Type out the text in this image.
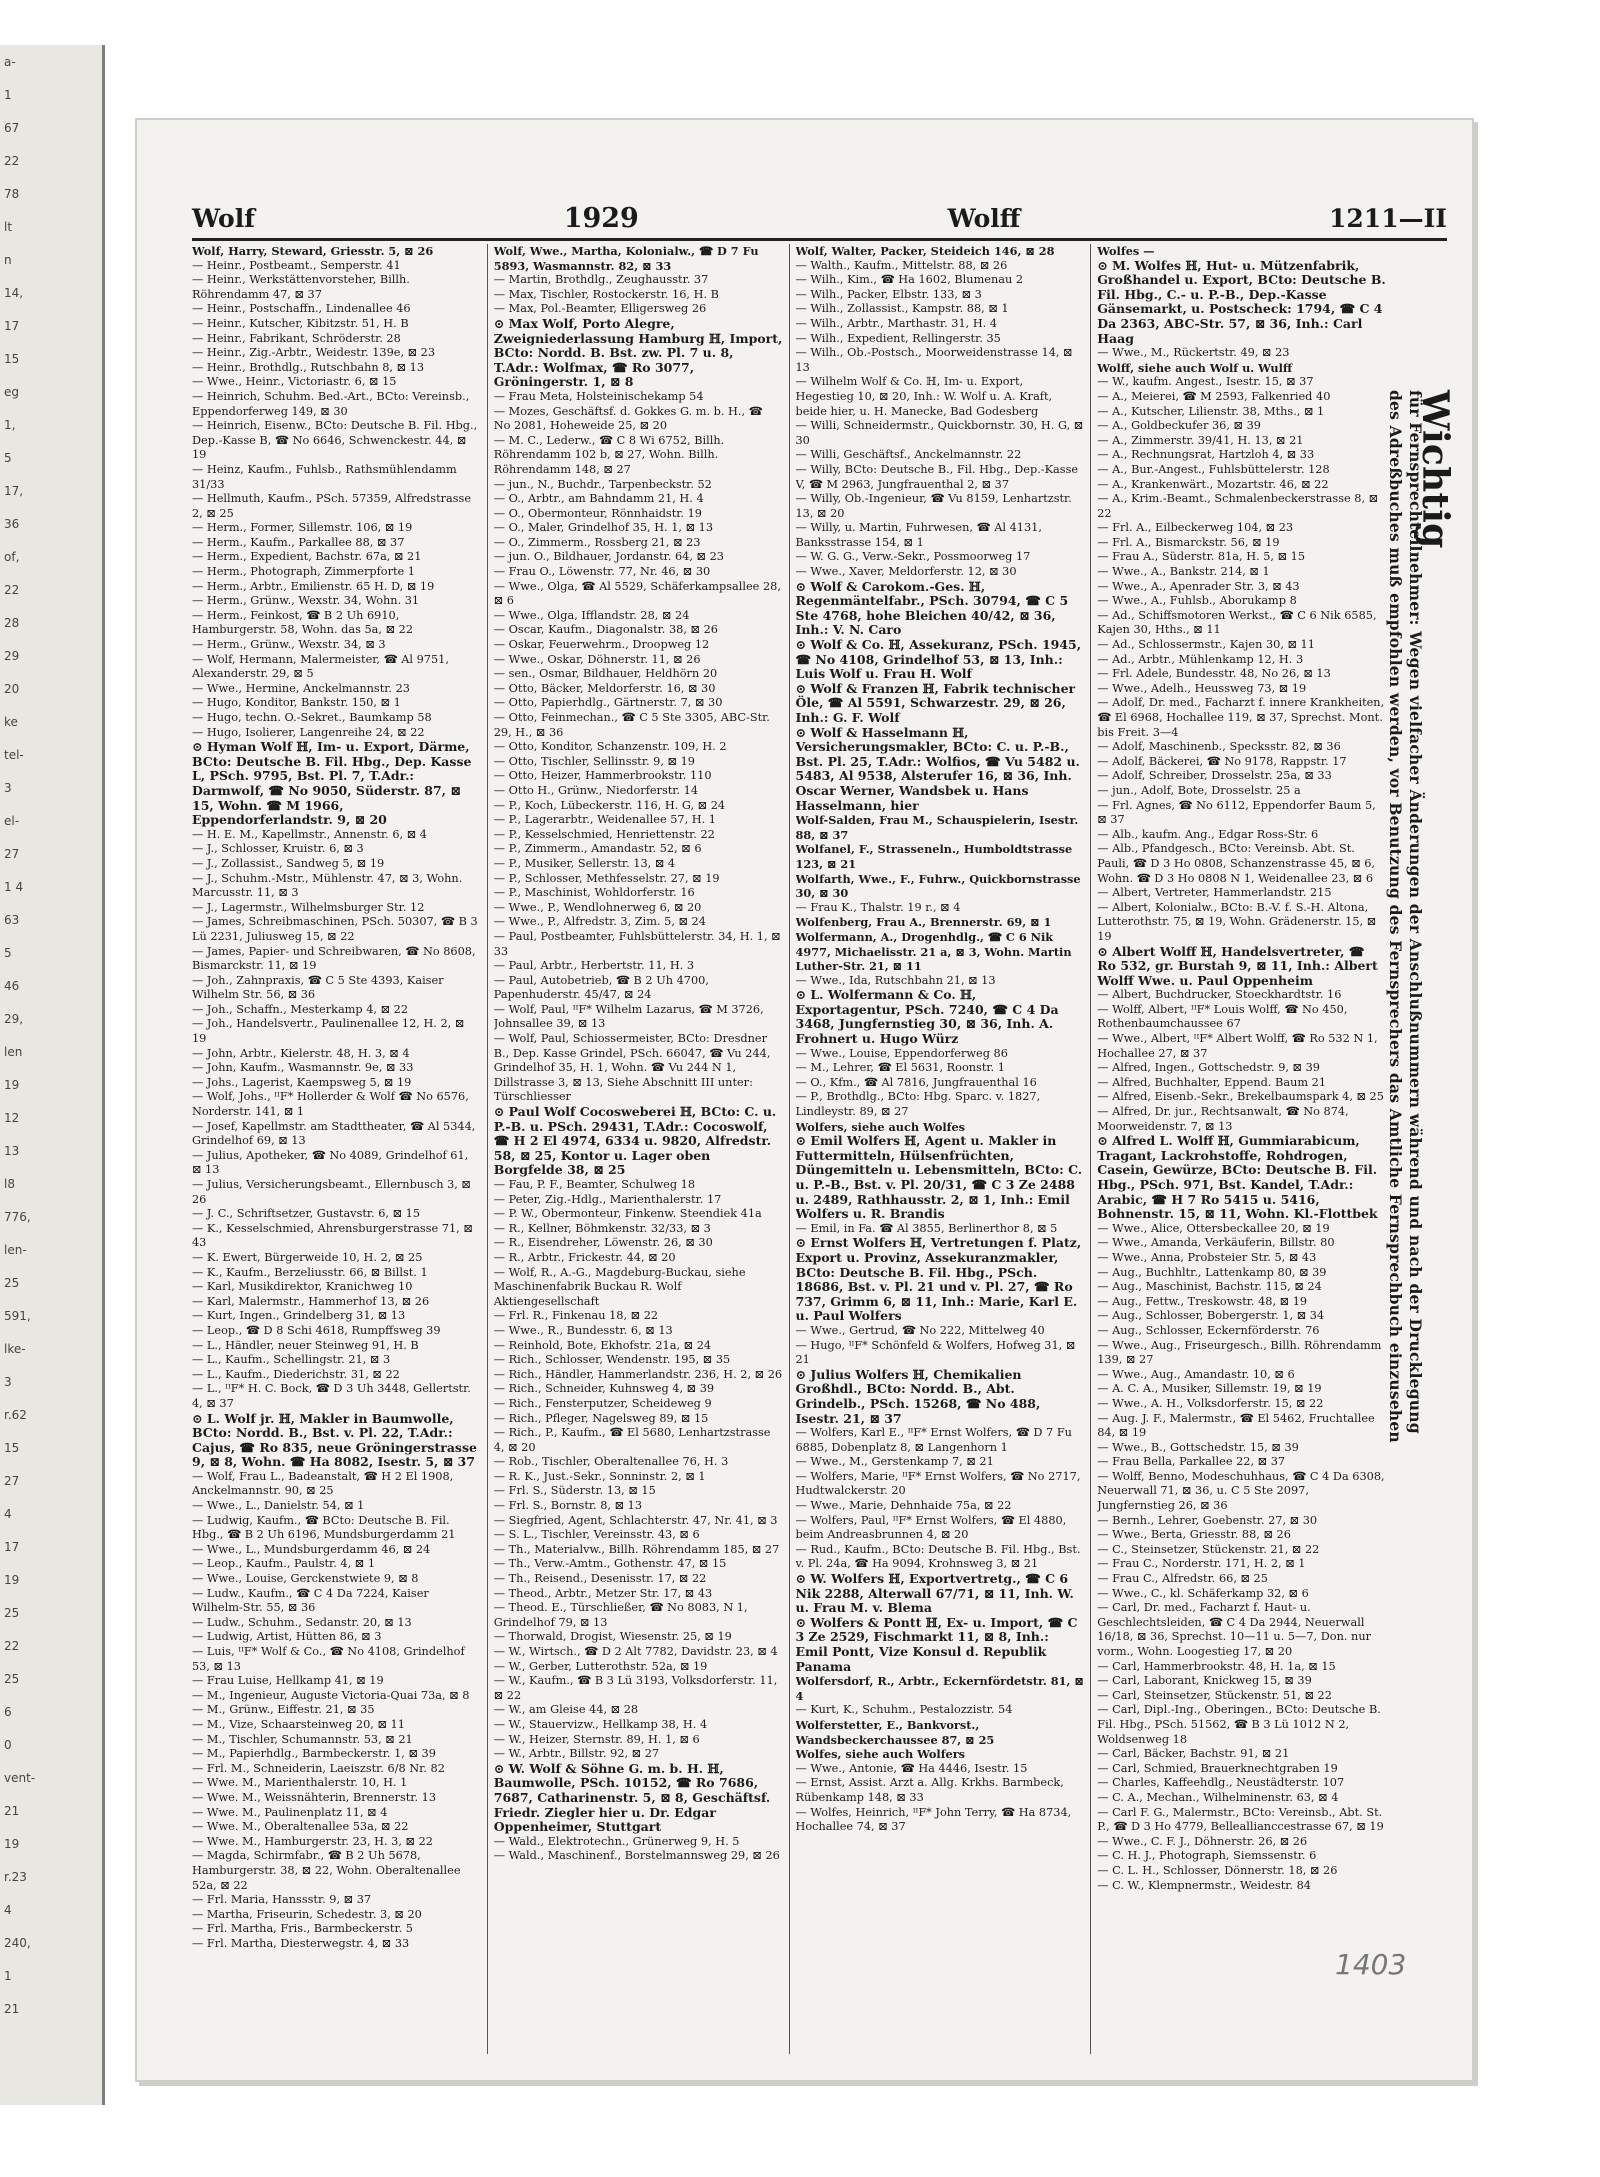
a-
1
67
22
78
lt
n
14,
17
15
eg
1,
5
17,
36
of,
22
28
29
20
ke
tel-
3
el-
27
1 4
63
5
46
29,
len
19
12
13
l8
776,
len-
25
591,
lke-
3
r.62
15
27
4
17
19
25
22
25
6
0
vent-
21
19
r.23
4
240,
1
21
Wolf	1929	Wolff	1211—II

Wolf, Harry, Steward, Griesstr. 5, ⊠ 26

— Heinr., Postbeamt., Semperstr. 41

— Heinr., Werkstättenvorsteher, Billh. Röhrendamm 47, ⊠ 37

— Heinr., Postschaffn., Lindenallee 46

— Heinr., Kutscher, Kibitzstr. 51, H. B

— Heinr., Fabrikant, Schröderstr. 28

— Heinr., Zig.-Arbtr., Weidestr. 139e, ⊠ 23

— Heinr., Brothdlg., Rutschbahn 8, ⊠ 13

— Wwe., Heinr., Victoriastr. 6, ⊠ 15

— Heinrich, Schuhm. Bed.-Art., BCto: Vereinsb., Eppendorferweg 149, ⊠ 30

— Heinrich, Eisenw., BCto: Deutsche B. Fil. Hbg., Dep.-Kasse B, ☎ No 6646, Schwenckestr. 44, ⊠ 19

— Heinz, Kaufm., Fuhlsb., Rathsmühlendamm 31/33

— Hellmuth, Kaufm., PSch. 57359, Alfredstrasse 2, ⊠ 25

— Herm., Former, Sillemstr. 106, ⊠ 19

— Herm., Kaufm., Parkallee 88, ⊠ 37

— Herm., Expedient, Bachstr. 67a, ⊠ 21

— Herm., Photograph, Zimmerpforte 1

— Herm., Arbtr., Emilienstr. 65 H. D, ⊠ 19

— Herm., Grünw., Wexstr. 34, Wohn. 31

— Herm., Feinkost, ☎ B 2 Uh 6910, Hamburgerstr. 58, Wohn. das 5a, ⊠ 22

— Herm., Grünw., Wexstr. 34, ⊠ 3

— Wolf, Hermann, Malermeister, ☎ Al 9751, Alexanderstr. 29, ⊠ 5

— Wwe., Hermine, Anckelmannstr. 23

— Hugo, Konditor, Bankstr. 150, ⊠ 1

— Hugo, techn. O.-Sekret., Baumkamp 58

— Hugo, Isolierer, Langenreihe 24, ⊠ 22

⊙ Hyman Wolf ℍ, Im- u. Export, Därme, BCto: Deutsche B. Fil. Hbg., Dep. Kasse L, PSch. 9795, Bst. Pl. 7, T.Adr.: Darmwolf, ☎ No 9050, Süderstr. 87, ⊠ 15, Wohn. ☎ M 1966, Eppendorferlandstr. 9, ⊠ 20

— H. E. M., Kapellmstr., Annenstr. 6, ⊠ 4

— J., Schlosser, Kruistr. 6, ⊠ 3

— J., Zollassist., Sandweg 5, ⊠ 19

— J., Schuhm.-Mstr., Mühlenstr. 47, ⊠ 3, Wohn. Marcusstr. 11, ⊠ 3

— J., Lagermstr., Wilhelmsburger Str. 12

— James, Schreibmaschinen, PSch. 50307, ☎ B 3 Lü 2231, Juliusweg 15, ⊠ 22

— James, Papier- und Schreibwaren, ☎ No 8608, Bismarckstr. 11, ⊠ 19

— Joh., Zahnpraxis, ☎ C 5 Ste 4393, Kaiser Wilhelm Str. 56, ⊠ 36

— Joh., Schaffn., Mesterkamp 4, ⊠ 22

— Joh., Handelsvertr., Paulinenallee 12, H. 2, ⊠ 19

— John, Arbtr., Kielerstr. 48, H. 3, ⊠ 4

— John, Kaufm., Wasmannstr. 9e, ⊠ 33

— Johs., Lagerist, Kaempsweg 5, ⊠ 19

— Wolf, Johs., ᴵᴵF* Hollerder & Wolf ☎ No 6576, Norderstr. 141, ⊠ 1

— Josef, Kapellmstr. am Stadttheater, ☎ Al 5344, Grindelhof 69, ⊠ 13

— Julius, Apotheker, ☎ No 4089, Grindelhof 61, ⊠ 13

— Julius, Versicherungsbeamt., Ellernbusch 3, ⊠ 26

— J. C., Schriftsetzer, Gustavstr. 6, ⊠ 15

— K., Kesselschmied, Ahrensburgerstrasse 71, ⊠ 43

— K. Ewert, Bürgerweide 10, H. 2, ⊠ 25

— K., Kaufm., Berzeliusstr. 66, ⊠ Billst. 1

— Karl, Musikdirektor, Kranichweg 10

— Karl, Malermstr., Hammerhof 13, ⊠ 26

— Kurt, Ingen., Grindelberg 31, ⊠ 13

— Leop., ☎ D 8 Schi 4618, Rumpffsweg 39

— L., Händler, neuer Steinweg 91, H. B

— L., Kaufm., Schellingstr. 21, ⊠ 3

— L., Kaufm., Diederichstr. 31, ⊠ 22

— L., ᴵᴵF* H. C. Bock, ☎ D 3 Uh 3448, Gellertstr. 4, ⊠ 37

⊙ L. Wolf jr. ℍ, Makler in Baumwolle, BCto: Nordd. B., Bst. v. Pl. 22, T.Adr.: Cajus, ☎ Ro 835, neue Gröningerstrasse 9, ⊠ 8, Wohn. ☎ Ha 8082, Isestr. 5, ⊠ 37

— Wolf, Frau L., Badeanstalt, ☎ H 2 El 1908, Anckelmannstr. 90, ⊠ 25

— Wwe., L., Danielstr. 54, ⊠ 1

— Ludwig, Kaufm., ☎ BCto: Deutsche B. Fil. Hbg., ☎ B 2 Uh 6196, Mundsburgerdamm 21

— Wwe., L., Mundsburgerdamm 46, ⊠ 24

— Leop., Kaufm., Paulstr. 4, ⊠ 1

— Wwe., Louise, Gerckenstwiete 9, ⊠ 8

— Ludw., Kaufm., ☎ C 4 Da 7224, Kaiser Wilhelm-Str. 55, ⊠ 36

— Ludw., Schuhm., Sedanstr. 20, ⊠ 13

— Ludwig, Artist, Hütten 86, ⊠ 3

— Luis, ᴵᴵF* Wolf & Co., ☎ No 4108, Grindelhof 53, ⊠ 13

— Frau Luise, Hellkamp 41, ⊠ 19

— M., Ingenieur, Auguste Victoria-Quai 73a, ⊠ 8

— M., Grünw., Eiffestr. 21, ⊠ 35

— M., Vize, Schaarsteinweg 20, ⊠ 11

— M., Tischler, Schumannstr. 53, ⊠ 21

— M., Papierhdlg., Barmbeckerstr. 1, ⊠ 39

— Frl. M., Schneiderin, Laeiszstr. 6/8 Nr. 82

— Wwe. M., Marienthalerstr. 10, H. 1

— Wwe. M., Weissnähterin, Brennerstr. 13

— Wwe. M., Paulinenplatz 11, ⊠ 4

— Wwe. M., Oberaltenallee 53a, ⊠ 22

— Wwe. M., Hamburgerstr. 23, H. 3, ⊠ 22

— Magda, Schirmfabr., ☎ B 2 Uh 5678, Hamburgerstr. 38, ⊠ 22, Wohn. Oberaltenallee 52a, ⊠ 22

— Frl. Maria, Hanssstr. 9, ⊠ 37

— Martha, Friseurin, Schedestr. 3, ⊠ 20

— Frl. Martha, Fris., Barmbeckerstr. 5

— Frl. Martha, Diesterwegstr. 4, ⊠ 33

Wolf, Wwe., Martha, Kolonialw., ☎ D 7 Fu 5893, Wasmannstr. 82, ⊠ 33

— Martin, Brothdlg., Zeughausstr. 37

— Max, Tischler, Rostockerstr. 16, H. B

— Max, Pol.-Beamter, Elligersweg 26

⊙ Max Wolf, Porto Alegre, Zweigniederlassung Hamburg ℍ, Import, BCto: Nordd. B. Bst. zw. Pl. 7 u. 8, T.Adr.: Wolfmax, ☎ Ro 3077, Gröningerstr. 1, ⊠ 8

— Frau Meta, Holsteinischekamp 54

— Mozes, Geschäftsf. d. Gokkes G. m. b. H., ☎ No 2081, Hoheweide 25, ⊠ 20

— M. C., Lederw., ☎ C 8 Wi 6752, Billh. Röhrendamm 102 b, ⊠ 27, Wohn. Billh. Röhrendamm 148, ⊠ 27

— jun., N., Buchdr., Tarpenbeckstr. 52

— O., Arbtr., am Bahndamm 21, H. 4

— O., Obermonteur, Rönnhaidstr. 19

— O., Maler, Grindelhof 35, H. 1, ⊠ 13

— O., Zimmerm., Rossberg 21, ⊠ 23

— jun. O., Bildhauer, Jordanstr. 64, ⊠ 23

— Frau O., Löwenstr. 77, Nr. 46, ⊠ 30

— Wwe., Olga, ☎ Al 5529, Schäferkampsallee 28, ⊠ 6

— Wwe., Olga, Ifflandstr. 28, ⊠ 24

— Oscar, Kaufm., Diagonalstr. 38, ⊠ 26

— Oskar, Feuerwehrm., Droopweg 12

— Wwe., Oskar, Döhnerstr. 11, ⊠ 26

— sen., Osmar, Bildhauer, Heldhörn 20

— Otto, Bäcker, Meldorferstr. 16, ⊠ 30

— Otto, Papierhdlg., Gärtnerstr. 7, ⊠ 30

— Otto, Feinmechan., ☎ C 5 Ste 3305, ABC-Str. 29, H., ⊠ 36

— Otto, Konditor, Schanzenstr. 109, H. 2

— Otto, Tischler, Sellinsstr. 9, ⊠ 19

— Otto, Heizer, Hammerbrookstr. 110

— Otto H., Grünw., Niedorferstr. 14

— P., Koch, Lübeckerstr. 116, H. G, ⊠ 24

— P., Lagerarbtr., Weidenallee 57, H. 1

— P., Kesselschmied, Henriettenstr. 22

— P., Zimmerm., Amandastr. 52, ⊠ 6

— P., Musiker, Sellerstr. 13, ⊠ 4

— P., Schlosser, Methfesselstr. 27, ⊠ 19

— P., Maschinist, Wohldorferstr. 16

— Wwe., P., Wendlohnerweg 6, ⊠ 20

— Wwe., P., Alfredstr. 3, Zim. 5, ⊠ 24

— Paul, Postbeamter, Fuhlsbüttelerstr. 34, H. 1, ⊠ 33

— Paul, Arbtr., Herbertstr. 11, H. 3

— Paul, Autobetrieb, ☎ B 2 Uh 4700, Papenhuderstr. 45/47, ⊠ 24

— Wolf, Paul, ᴵᴵF* Wilhelm Lazarus, ☎ M 3726, Johnsallee 39, ⊠ 13

— Wolf, Paul, Schiossermeister, BCto: Dresdner B., Dep. Kasse Grindel, PSch. 66047, ☎ Vu 244, Grindelhof 35, H. 1, Wohn. ☎ Vu 244 N 1, Dillstrasse 3, ⊠ 13, Siehe Abschnitt III unter: Türschliesser

⊙ Paul Wolf Cocosweberei ℍ, BCto: C. u. P.-B. u. PSch. 29431, T.Adr.: Cocoswolf, ☎ H 2 El 4974, 6334 u. 9820, Alfredstr. 58, ⊠ 25, Kontor u. Lager oben Borgfelde 38, ⊠ 25

— Fau, P. F., Beamter, Schulweg 18

— Peter, Zig.-Hdlg., Marienthalerstr. 17

— P. W., Obermonteur, Finkenw. Steendiek 41a

— R., Kellner, Böhmkenstr. 32/33, ⊠ 3

— R., Eisendreher, Löwenstr. 26, ⊠ 30

— R., Arbtr., Frickestr. 44, ⊠ 20

— Wolf, R., A.-G., Magdeburg-Buckau, siehe Maschinenfabrik Buckau R. Wolf Aktiengesellschaft

— Frl. R., Finkenau 18, ⊠ 22

— Wwe., R., Bundesstr. 6, ⊠ 13

— Reinhold, Bote, Ekhofstr. 21a, ⊠ 24

— Rich., Schlosser, Wendenstr. 195, ⊠ 35

— Rich., Händler, Hammerlandstr. 236, H. 2, ⊠ 26

— Rich., Schneider, Kuhnsweg 4, ⊠ 39

— Rich., Fensterputzer, Scheideweg 9

— Rich., Pfleger, Nagelsweg 89, ⊠ 15

— Rich., P., Kaufm., ☎ El 5680, Lenhartzstrasse 4, ⊠ 20

— Rob., Tischler, Oberaltenallee 76, H. 3

— R. K., Just.-Sekr., Sonninstr. 2, ⊠ 1

— Frl. S., Süderstr. 13, ⊠ 15

— Frl. S., Bornstr. 8, ⊠ 13

— Siegfried, Agent, Schlachterstr. 47, Nr. 41, ⊠ 3

— S. L., Tischler, Vereinsstr. 43, ⊠ 6

— Th., Materialvw., Billh. Röhrendamm 185, ⊠ 27

— Th., Verw.-Amtm., Gothenstr. 47, ⊠ 15

— Th., Reisend., Desenisstr. 17, ⊠ 22

— Theod., Arbtr., Metzer Str. 17, ⊠ 43

— Theod. E., Türschließer, ☎ No 8083, N 1, Grindelhof 79, ⊠ 13

— Thorwald, Drogist, Wiesenstr. 25, ⊠ 19

— W., Wirtsch., ☎ D 2 Alt 7782, Davidstr. 23, ⊠ 4

— W., Gerber, Lutterothstr. 52a, ⊠ 19

— W., Kaufm., ☎ B 3 Lü 3193, Volksdorferstr. 11, ⊠ 22

— W., am Gleise 44, ⊠ 28

— W., Stauervizw., Hellkamp 38, H. 4

— W., Heizer, Sternstr. 89, H. 1, ⊠ 6

— W., Arbtr., Billstr. 92, ⊠ 27

⊙ W. Wolf & Söhne G. m. b. H. ℍ, Baumwolle, PSch. 10152, ☎ Ro 7686, 7687, Catharinenstr. 5, ⊠ 8, Geschäftsf. Friedr. Ziegler hier u. Dr. Edgar Oppenheimer, Stuttgart

— Wald., Elektrotechn., Grünerweg 9, H. 5

— Wald., Maschinenf., Borstelmannsweg 29, ⊠ 26

Wolf, Walter, Packer, Steideich 146, ⊠ 28

— Walth., Kaufm., Mittelstr. 88, ⊠ 26

— Wilh., Kim., ☎ Ha 1602, Blumenau 2

— Wilh., Packer, Elbstr. 133, ⊠ 3

— Wilh., Zollassist., Kampstr. 88, ⊠ 1

— Wilh., Arbtr., Marthastr. 31, H. 4

— Wilh., Expedient, Rellingerstr. 35

— Wilh., Ob.-Postsch., Moorweidenstrasse 14, ⊠ 13

— Wilhelm Wolf & Co. ℍ, Im- u. Export, Hegestieg 10, ⊠ 20, Inh.: W. Wolf u. A. Kraft, beide hier, u. H. Manecke, Bad Godesberg

— Willi, Schneidermstr., Quickbornstr. 30, H. G, ⊠ 30

— Willi, Geschäftsf., Anckelmannstr. 22

— Willy, BCto: Deutsche B., Fil. Hbg., Dep.-Kasse V, ☎ M 2963, Jungfrauenthal 2, ⊠ 37

— Willy, Ob.-Ingenieur, ☎ Vu 8159, Lenhartzstr. 13, ⊠ 20

— Willy, u. Martin, Fuhrwesen, ☎ Al 4131, Banksstrasse 154, ⊠ 1

— W. G. G., Verw.-Sekr., Possmoorweg 17

— Wwe., Xaver, Meldorferstr. 12, ⊠ 30

⊙ Wolf & Carokom.-Ges. ℍ, Regenmäntelfabr., PSch. 30794, ☎ C 5 Ste 4768, hohe Bleichen 40/42, ⊠ 36, Inh.: V. N. Caro

⊙ Wolf & Co. ℍ, Assekuranz, PSch. 1945, ☎ No 4108, Grindelhof 53, ⊠ 13, Inh.: Luis Wolf u. Frau H. Wolf

⊙ Wolf & Franzen ℍ, Fabrik technischer Öle, ☎ Al 5591, Schwarzestr. 29, ⊠ 26, Inh.: G. F. Wolf

⊙ Wolf & Hasselmann ℍ, Versicherungsmakler, BCto: C. u. P.-B., Bst. Pl. 25, T.Adr.: Wolfios, ☎ Vu 5482 u. 5483, Al 9538, Alsterufer 16, ⊠ 36, Inh. Oscar Werner, Wandsbek u. Hans Hasselmann, hier

Wolf-Salden, Frau M., Schauspielerin, Isestr. 88, ⊠ 37

Wolfanel, F., Strasseneln., Humboldtstrasse 123, ⊠ 21

Wolfarth, Wwe., F., Fuhrw., Quickbornstrasse 30, ⊠ 30

— Frau K., Thalstr. 19 r., ⊠ 4

Wolfenberg, Frau A., Brennerstr. 69, ⊠ 1

Wolfermann, A., Drogenhdlg., ☎ C 6 Nik 4977, Michaelisstr. 21 a, ⊠ 3, Wohn. Martin Luther-Str. 21, ⊠ 11

— Wwe., Ida, Rutschbahn 21, ⊠ 13

⊙ L. Wolfermann & Co. ℍ, Exportagentur, PSch. 7240, ☎ C 4 Da 3468, Jungfernstieg 30, ⊠ 36, Inh. A. Frohnert u. Hugo Würz

— Wwe., Louise, Eppendorferweg 86

— M., Lehrer, ☎ El 5631, Roonstr. 1

— O., Kfm., ☎ Al 7816, Jungfrauenthal 16

— P., Brothdlg., BCto: Hbg. Sparc. v. 1827, Lindleystr. 89, ⊠ 27

Wolfers, siehe auch Wolfes

⊙ Emil Wolfers ℍ, Agent u. Makler in Futtermitteln, Hülsenfrüchten, Düngemitteln u. Lebensmitteln, BCto: C. u. P.-B., Bst. v. Pl. 20/31, ☎ C 3 Ze 2488 u. 2489, Rathhausstr. 2, ⊠ 1, Inh.: Emil Wolfers u. R. Brandis

— Emil, in Fa. ☎ Al 3855, Berlinerthor 8, ⊠ 5

⊙ Ernst Wolfers ℍ, Vertretungen f. Platz, Export u. Provinz, Assekuranzmakler, BCto: Deutsche B. Fil. Hbg., PSch. 18686, Bst. v. Pl. 21 und v. Pl. 27, ☎ Ro 737, Grimm 6, ⊠ 11, Inh.: Marie, Karl E. u. Paul Wolfers

— Wwe., Gertrud, ☎ No 222, Mittelweg 40

— Hugo, ᴵᴵF* Schönfeld & Wolfers, Hofweg 31, ⊠ 21

⊙ Julius Wolfers ℍ, Chemikalien Großhdl., BCto: Nordd. B., Abt. Grindelb., PSch. 15268, ☎ No 488, Isestr. 21, ⊠ 37

— Wolfers, Karl E., ᴵᴵF* Ernst Wolfers, ☎ D 7 Fu 6885, Dobenplatz 8, ⊠ Langenhorn 1

— Wwe., M., Gerstenkamp 7, ⊠ 21

— Wolfers, Marie, ᴵᴵF* Ernst Wolfers, ☎ No 2717, Hudtwalckerstr. 20

— Wwe., Marie, Dehnhaide 75a, ⊠ 22

— Wolfers, Paul, ᴵᴵF* Ernst Wolfers, ☎ El 4880, beim Andreasbrunnen 4, ⊠ 20

— Rud., Kaufm., BCto: Deutsche B. Fil. Hbg., Bst. v. Pl. 24a, ☎ Ha 9094, Krohnsweg 3, ⊠ 21

⊙ W. Wolfers ℍ, Exportvertretg., ☎ C 6 Nik 2288, Alterwall 67/71, ⊠ 11, Inh. W. u. Frau M. v. Blema

⊙ Wolfers & Pontt ℍ, Ex- u. Import, ☎ C 3 Ze 2529, Fischmarkt 11, ⊠ 8, Inh.: Emil Pontt, Vize Konsul d. Republik Panama

Wolfersdorf, R., Arbtr., Eckernfördetstr. 81, ⊠ 4

— Kurt, K., Schuhm., Pestalozzistr. 54

Wolferstetter, E., Bankvorst., Wandsbeckerchaussee 87, ⊠ 25

Wolfes, siehe auch Wolfers

— Wwe., Antonie, ☎ Ha 4446, Isestr. 15

— Ernst, Assist. Arzt a. Allg. Krkhs. Barmbeck, Rübenkamp 148, ⊠ 33

— Wolfes, Heinrich, ᴵᴵF* John Terry, ☎ Ha 8734, Hochallee 74, ⊠ 37

Wolfes —

⊙ M. Wolfes ℍ, Hut- u. Mützenfabrik, Großhandel u. Export, BCto: Deutsche B. Fil. Hbg., C.- u. P.-B., Dep.-Kasse Gänsemarkt, u. Postscheck: 1794, ☎ C 4 Da 2363, ABC-Str. 57, ⊠ 36, Inh.: Carl Haag

— Wwe., M., Rückertstr. 49, ⊠ 23

Wolff, siehe auch Wolf u. Wulff

— W., kaufm. Angest., Isestr. 15, ⊠ 37

— A., Meierei, ☎ M 2593, Falkenried 40

— A., Kutscher, Lilienstr. 38, Mths., ⊠ 1

— A., Goldbeckufer 36, ⊠ 39

— A., Zimmerstr. 39/41, H. 13, ⊠ 21

— A., Rechnungsrat, Hartzloh 4, ⊠ 33

— A., Bur.-Angest., Fuhlsbüttelerstr. 128

— A., Krankenwärt., Mozartstr. 46, ⊠ 22

— A., Krim.-Beamt., Schmalenbeckerstrasse 8, ⊠ 22

— Frl. A., Eilbeckerweg 104, ⊠ 23

— Frl. A., Bismarckstr. 56, ⊠ 19

— Frau A., Süderstr. 81a, H. 5, ⊠ 15

— Wwe., A., Bankstr. 214, ⊠ 1

— Wwe., A., Apenrader Str. 3, ⊠ 43

— Wwe., A., Fuhlsb., Aborukamp 8

— Ad., Schiffsmotoren Werkst., ☎ C 6 Nik 6585, Kajen 30, Hths., ⊠ 11

— Ad., Schlossermstr., Kajen 30, ⊠ 11

— Ad., Arbtr., Mühlenkamp 12, H. 3

— Frl. Adele, Bundesstr. 48, No 26, ⊠ 13

— Wwe., Adelh., Heussweg 73, ⊠ 19

— Adolf, Dr. med., Facharzt f. innere Krankheiten, ☎ El 6968, Hochallee 119, ⊠ 37, Sprechst. Mont. bis Freit. 3—4

— Adolf, Maschinenb., Specksstr. 82, ⊠ 36

— Adolf, Bäckerei, ☎ No 9178, Rappstr. 17

— Adolf, Schreiber, Drosselstr. 25a, ⊠ 33

— jun., Adolf, Bote, Drosselstr. 25 a

— Frl. Agnes, ☎ No 6112, Eppendorfer Baum 5, ⊠ 37

— Alb., kaufm. Ang., Edgar Ross-Str. 6

— Alb., Pfandgesch., BCto: Vereinsb. Abt. St. Pauli, ☎ D 3 Ho 0808, Schanzenstrasse 45, ⊠ 6, Wohn. ☎ D 3 Ho 0808 N 1, Weidenallee 23, ⊠ 6

— Albert, Vertreter, Hammerlandstr. 215

— Albert, Kolonialw., BCto: B.-V. f. S.-H. Altona, Lutterothstr. 75, ⊠ 19, Wohn. Grädenerstr. 15, ⊠ 19

⊙ Albert Wolff ℍ, Handelsvertreter, ☎ Ro 532, gr. Burstah 9, ⊠ 11, Inh.: Albert Wolff Wwe. u. Paul Oppenheim

— Albert, Buchdrucker, Stoeckhardtstr. 16

— Wolff, Albert, ᴵᴵF* Louis Wolff, ☎ No 450, Rothenbaumchaussee 67

— Wwe., Albert, ᴵᴵF* Albert Wolff, ☎ Ro 532 N 1, Hochallee 27, ⊠ 37

— Alfred, Ingen., Gottschedstr. 9, ⊠ 39

— Alfred, Buchhalter, Eppend. Baum 21

— Alfred, Eisenb.-Sekr., Brekelbaumspark 4, ⊠ 25

— Alfred, Dr. jur., Rechtsanwalt, ☎ No 874, Moorweidenstr. 7, ⊠ 13

⊙ Alfred L. Wolff ℍ, Gummiarabicum, Tragant, Lackrohstoffe, Rohdrogen, Casein, Gewürze, BCto: Deutsche B. Fil. Hbg., PSch. 971, Bst. Kandel, T.Adr.: Arabic, ☎ H 7 Ro 5415 u. 5416, Bohnenstr. 15, ⊠ 11, Wohn. Kl.-Flottbek

— Wwe., Alice, Ottersbeckallee 20, ⊠ 19

— Wwe., Amanda, Verkäuferin, Billstr. 80

— Wwe., Anna, Probsteier Str. 5, ⊠ 43

— Aug., Buchhltr., Lattenkamp 80, ⊠ 39

— Aug., Maschinist, Bachstr. 115, ⊠ 24

— Aug., Fettw., Treskowstr. 48, ⊠ 19

— Aug., Schlosser, Bobergerstr. 1, ⊠ 34

— Aug., Schlosser, Eckernförderstr. 76

— Wwe., Aug., Friseurgesch., Billh. Röhrendamm 139, ⊠ 27

— Wwe., Aug., Amandastr. 10, ⊠ 6

— A. C. A., Musiker, Sillemstr. 19, ⊠ 19

— Wwe., A. H., Volksdorferstr. 15, ⊠ 22

— Aug. J. F., Malermstr., ☎ El 5462, Fruchtallee 84, ⊠ 19

— Wwe., B., Gottschedstr. 15, ⊠ 39

— Frau Bella, Parkallee 22, ⊠ 37

— Wolff, Benno, Modeschuhhaus, ☎ C 4 Da 6308, Neuerwall 71, ⊠ 36, u. C 5 Ste 2097, Jungfernstieg 26, ⊠ 36

— Bernh., Lehrer, Goebenstr. 27, ⊠ 30

— Wwe., Berta, Griesstr. 88, ⊠ 26

— C., Steinsetzer, Stückenstr. 21, ⊠ 22

— Frau C., Norderstr. 171, H. 2, ⊠ 1

— Frau C., Alfredstr. 66, ⊠ 25

— Wwe., C., kl. Schäferkamp 32, ⊠ 6

— Carl, Dr. med., Facharzt f. Haut- u. Geschlechtsleiden, ☎ C 4 Da 2944, Neuerwall 16/18, ⊠ 36, Sprechst. 10—11 u. 5—7, Don. nur vorm., Wohn. Loogestieg 17, ⊠ 20

— Carl, Hammerbrookstr. 48, H. 1a, ⊠ 15

— Carl, Laborant, Knickweg 15, ⊠ 39

— Carl, Steinsetzer, Stückenstr. 51, ⊠ 22

— Carl, Dipl.-Ing., Oberingen., BCto: Deutsche B. Fil. Hbg., PSch. 51562, ☎ B 3 Lü 1012 N 2, Woldsenweg 18

— Carl, Bäcker, Bachstr. 91, ⊠ 21

— Carl, Schmied, Brauerknechtgraben 19

— Charles, Kaffeehdlg., Neustädterstr. 107

— C. A., Mechan., Wilhelminenstr. 63, ⊠ 4

— Carl F. G., Malermstr., BCto: Vereinsb., Abt. St. P., ☎ D 3 Ho 4779, Belleallianccestrasse 67, ⊠ 19

— Wwe., C. F. J., Döhnerstr. 26, ⊠ 26

— C. H. J., Photograph, Siemssenstr. 6

— C. L. H., Schlosser, Dönnerstr. 18, ⊠ 26

— C. W., Klempnermstr., Weidestr. 84

Wichtig
für Fernsprechteilnehmer: Wegen vielfacher Änderungen der Anschlußnummern während und nach der Drucklegung
des Adreßbuches muß empfohlen werden, vor Benutzung des Fernsprechers das Amtliche Fernsprechbuch einzusehen
1403
